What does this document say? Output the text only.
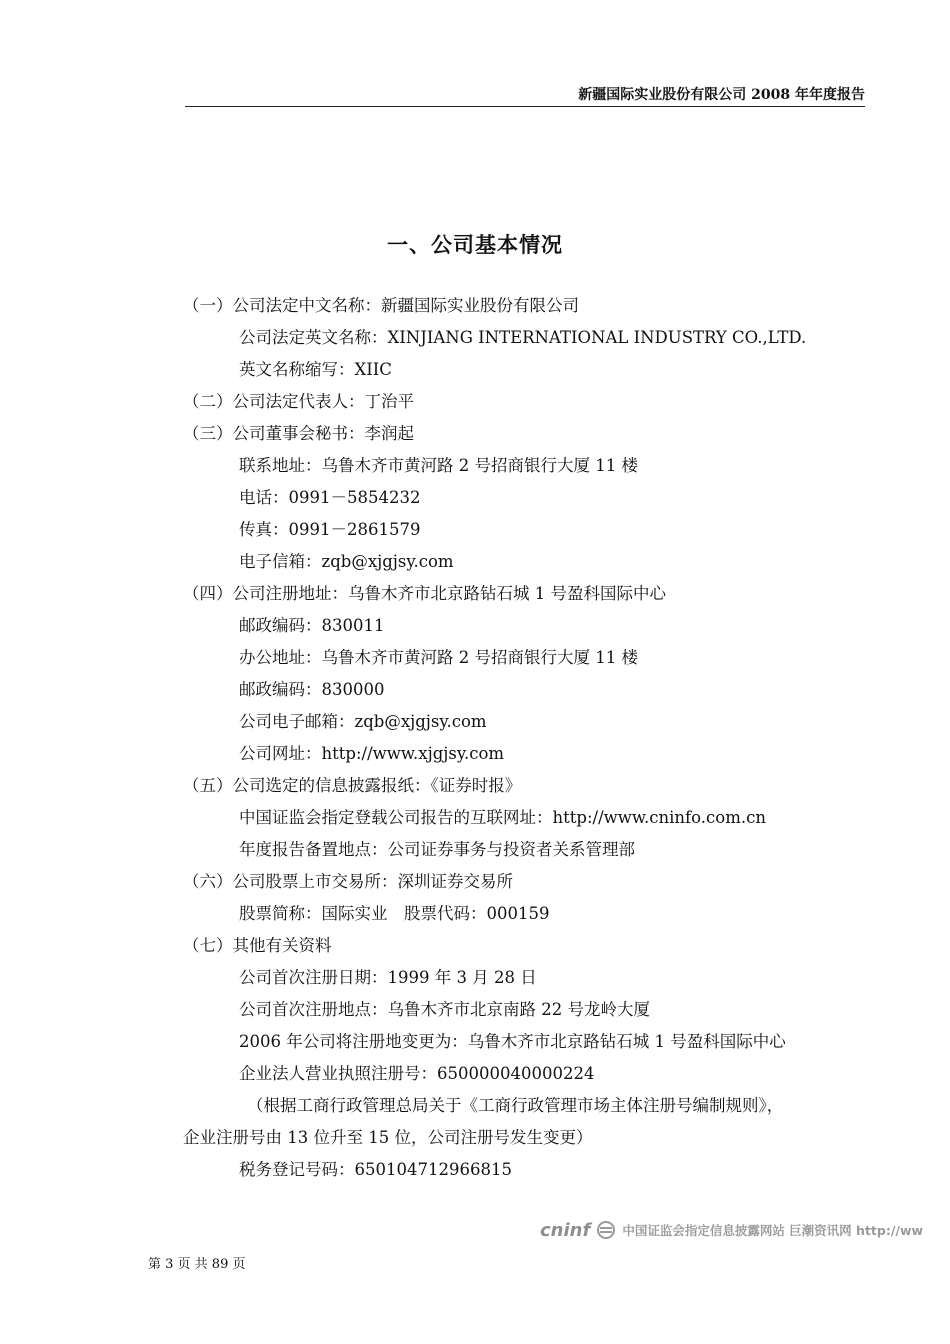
新疆国际实业股份有限公司 2008 年年度报告
一、公司基本情况
（一）公司法定中文名称：新疆国际实业股份有限公司
公司法定英文名称：XINJIANG INTERNATIONAL INDUSTRY CO.,LTD.
英文名称缩写：XIIC
（二）公司法定代表人：丁治平
（三）公司董事会秘书：李润起
联系地址：乌鲁木齐市黄河路 2 号招商银行大厦 11 楼
电话：0991－5854232
传真：0991－2861579
电子信箱：zqb@xjgjsy.com
（四）公司注册地址：乌鲁木齐市北京路钻石城 1 号盈科国际中心
邮政编码：830011
办公地址：乌鲁木齐市黄河路 2 号招商银行大厦 11 楼
邮政编码：830000
公司电子邮箱：zqb@xjgjsy.com
公司网址：http://www.xjgjsy.com
（五）公司选定的信息披露报纸：《证券时报》
中国证监会指定登载公司报告的互联网址：http://www.cninfo.com.cn
年度报告备置地点：公司证券事务与投资者关系管理部
（六）公司股票上市交易所：深圳证券交易所
股票简称：国际实业　股票代码：000159
（七）其他有关资料
公司首次注册日期：1999 年 3 月 28 日
公司首次注册地点：乌鲁木齐市北京南路 22 号龙岭大厦
2006 年公司将注册地变更为：乌鲁木齐市北京路钻石城 1 号盈科国际中心
企业法人营业执照注册号：650000040000224
（根据工商行政管理总局关于《工商行政管理市场主体注册号编制规则》，
企业注册号由 13 位升至 15 位，公司注册号发生变更）
税务登记号码：650104712966815
cninf	中国证监会指定信息披露网站 巨潮资讯网 http://ww
第 3 页 共 89 页
